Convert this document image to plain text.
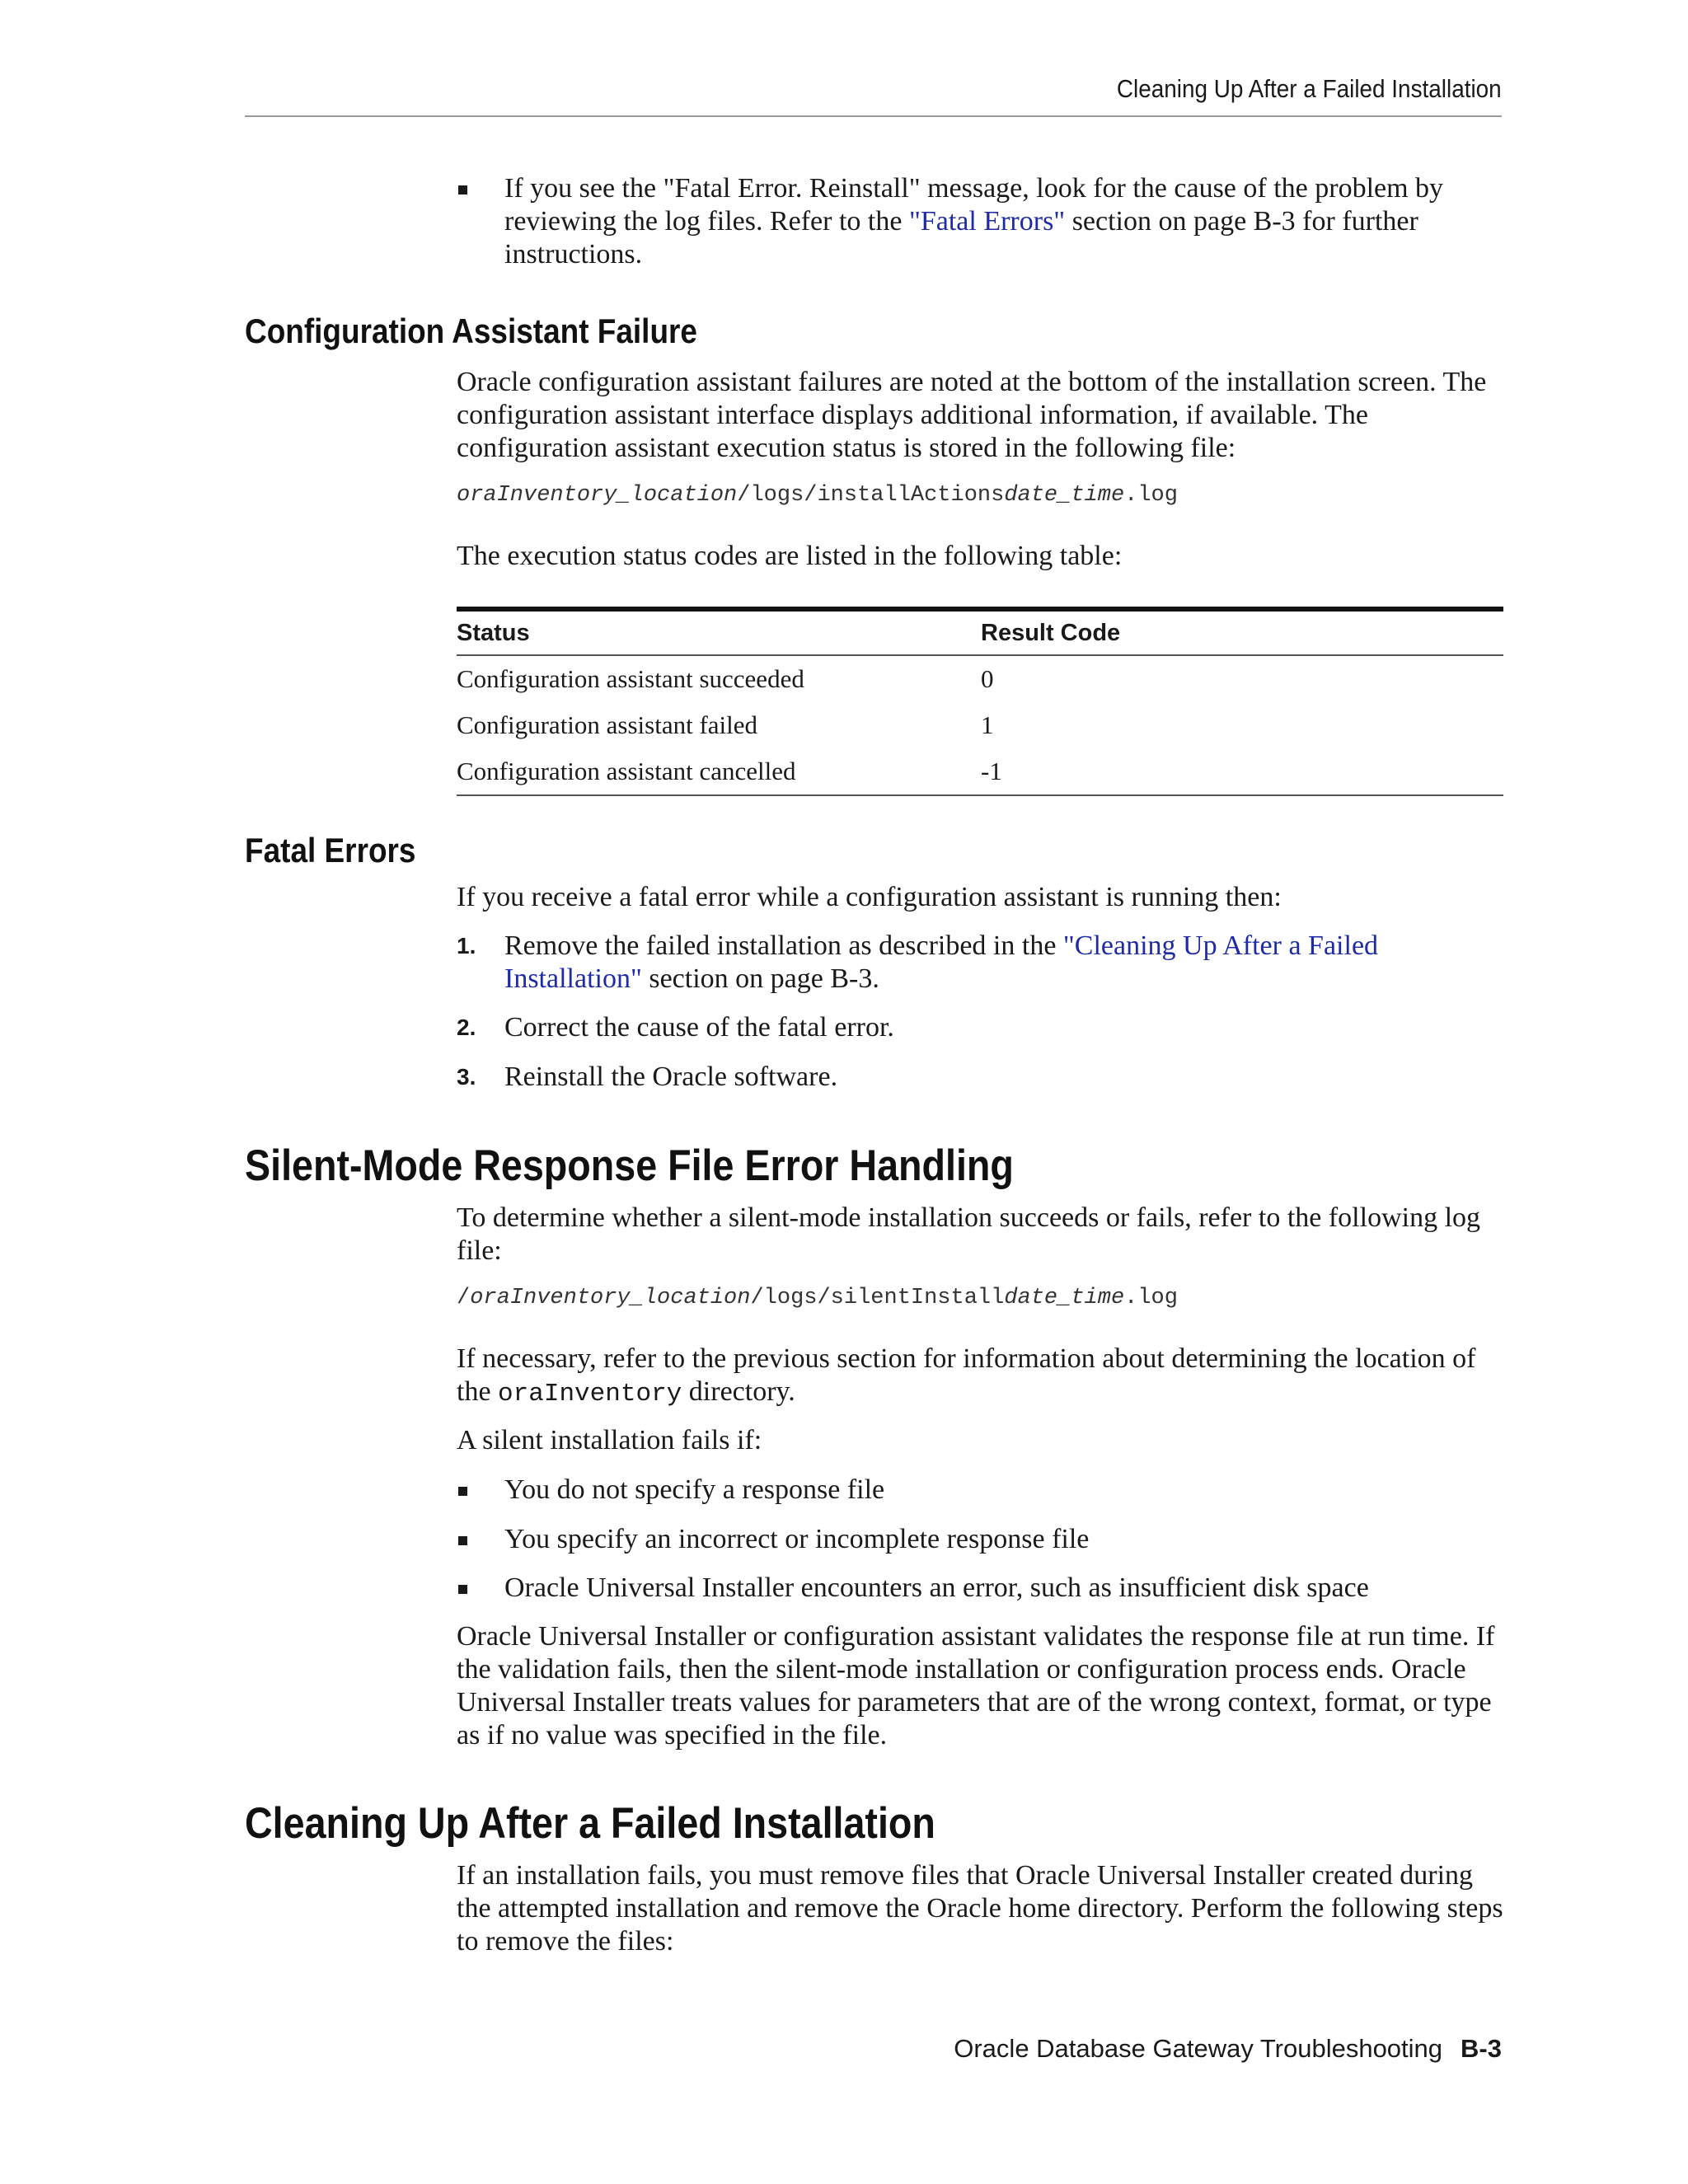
Cleaning Up After a Failed Installation

If you see the "Fatal Error. Reinstall" message, look for the cause of the problem by reviewing the log files. Refer to the "Fatal Errors" section on page B-3 for further instructions.

Configuration Assistant Failure

Oracle configuration assistant failures are noted at the bottom of the installation screen. The configuration assistant interface displays additional information, if available. The configuration assistant execution status is stored in the following file:

oraInventory_location/logs/installActionsdate_time.log

The execution status codes are listed in the following table:

Status	Result Code
Configuration assistant succeeded	0
Configuration assistant failed	1
Configuration assistant cancelled	-1
Fatal Errors

If you receive a fatal error while a configuration assistant is running then:

1. Remove the failed installation as described in the "Cleaning Up After a Failed Installation" section on page B-3.

2. Correct the cause of the fatal error.

3. Reinstall the Oracle software.

Silent-Mode Response File Error Handling

To determine whether a silent-mode installation succeeds or fails, refer to the following log file:

/oraInventory_location/logs/silentInstalldate_time.log

If necessary, refer to the previous section for information about determining the location of the oraInventory directory.

A silent installation fails if:

You do not specify a response file

You specify an incorrect or incomplete response file

Oracle Universal Installer encounters an error, such as insufficient disk space

Oracle Universal Installer or configuration assistant validates the response file at run time. If the validation fails, then the silent-mode installation or configuration process ends. Oracle Universal Installer treats values for parameters that are of the wrong context, format, or type as if no value was specified in the file.

Cleaning Up After a Failed Installation

If an installation fails, you must remove files that Oracle Universal Installer created during the attempted installation and remove the Oracle home directory. Perform the following steps to remove the files:

Oracle Database Gateway Troubleshooting B-3
